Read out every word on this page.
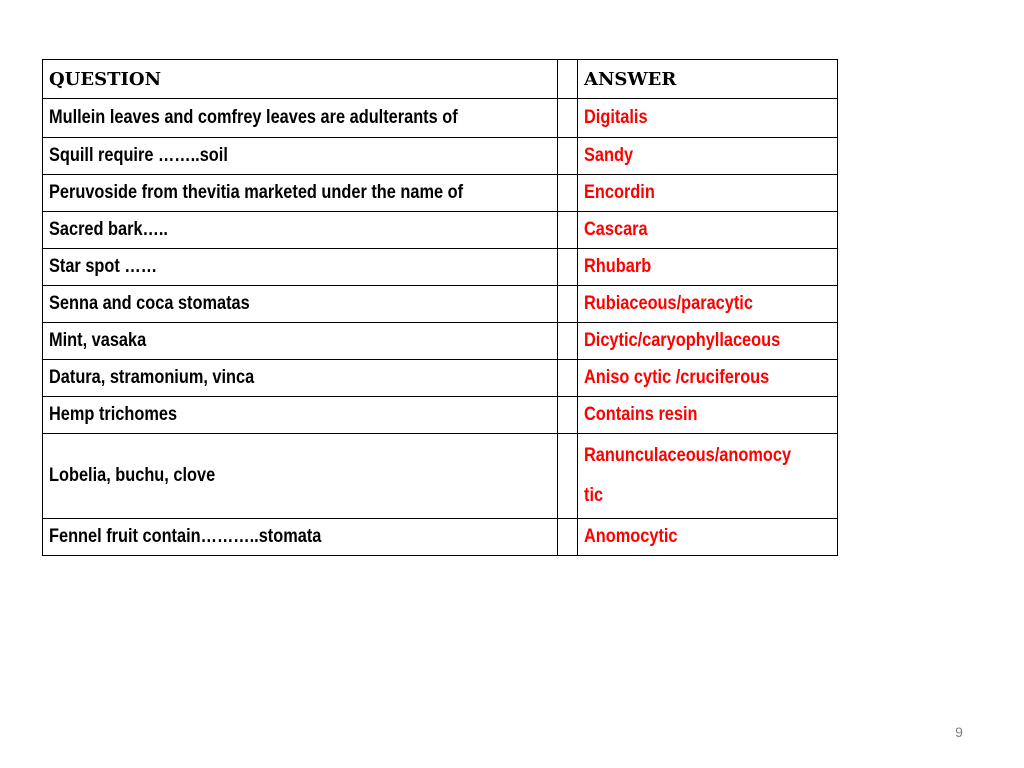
QUESTION		ANSWER
Mullein leaves and comfrey leaves are adulterants of		Digitalis
Squill require ……..soil		Sandy
Peruvoside from thevitia marketed under the name of		Encordin
Sacred bark…..		Cascara
Star spot ……		Rhubarb
Senna and coca stomatas		Rubiaceous/paracytic
Mint, vasaka		Dicytic/caryophyllaceous
Datura, stramonium, vinca		Aniso cytic /cruciferous
Hemp trichomes		Contains resin
Lobelia, buchu, clove		Ranunculaceous/anomocytic

Fennel fruit contain………..stomata		Anomocytic
9
